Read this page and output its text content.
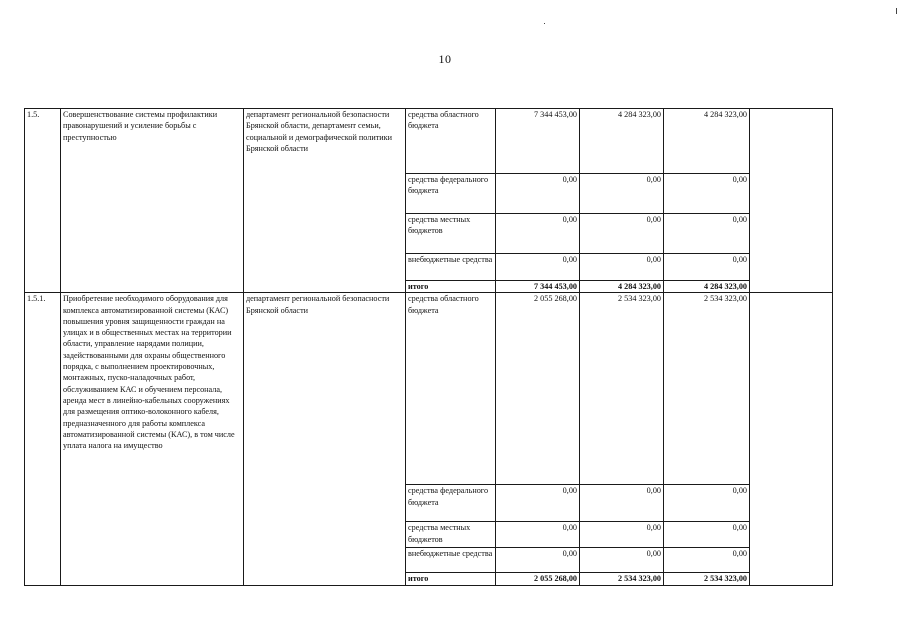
10
1.5.	Совершенствование системы профилактики правонарушений и усиление борьбы с преступностью	департамент региональной безопасности Брянской области, департамент семьи, социальной и демографической политики Брянской области	средства областного бюджета	7 344 453,00	4 284 323,00	4 284 323,00	
			средства федерального бюджета	0,00	0,00	0,00	
			средства местных бюджетов	0,00	0,00	0,00	
			внебюджетные средства	0,00	0,00	0,00	
			итого	7 344 453,00	4 284 323,00	4 284 323,00	
1.5.1.	Приобретение необходимого оборудования для комплекса автоматизированной системы (КАС) повышения уровня защищенности граждан на улицах и в общественных местах на территории области, управление нарядами полиции, задействованными для охраны общественного порядка, с выполнением проектировочных, монтажных, пуско-наладочных работ, обслуживанием КАС и обучением персонала, аренда мест в линейно-кабельных сооружениях для размещения оптико-волоконного кабеля, предназначенного для работы комплекса автоматизированной системы (КАС), в том числе уплата налога на имущество	департамент региональной безопасности Брянской области	средства областного бюджета	2 055 268,00	2 534 323,00	2 534 323,00	
			средства федерального бюджета	0,00	0,00	0,00	
			средства местных бюджетов	0,00	0,00	0,00	
			внебюджетные средства	0,00	0,00	0,00	
			итого	2 055 268,00	2 534 323,00	2 534 323,00	
